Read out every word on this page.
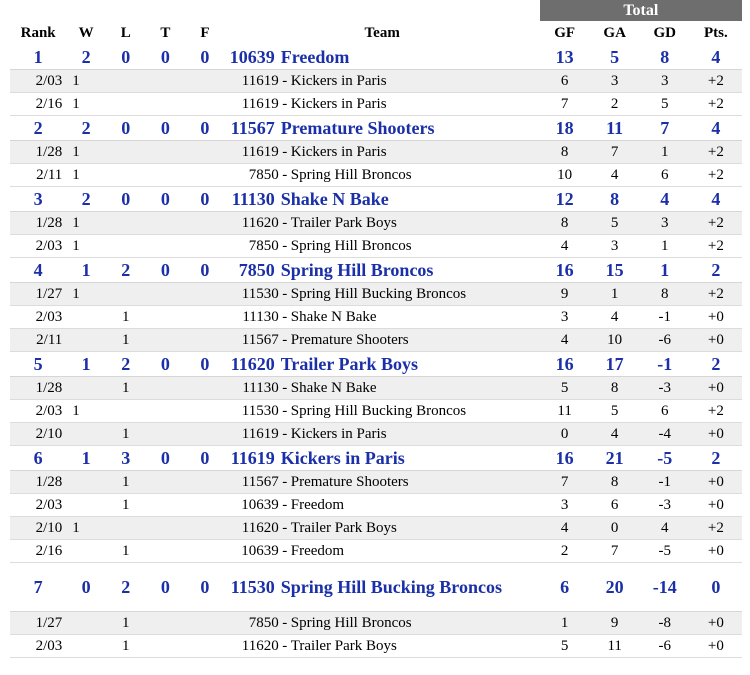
						Total			
Rank	W	L	T	F	Team	GF	GA	GD	Pts.
1	2	0	0	0	10639 Freedom	13	5	8	4
2/03	1				11619 - Kickers in Paris	6	3	3	+2
2/16	1				11619 - Kickers in Paris	7	2	5	+2
2	2	0	0	0	11567 Premature Shooters	18	11	7	4
1/28	1				11619 - Kickers in Paris	8	7	1	+2
2/11	1				7850 - Spring Hill Broncos	10	4	6	+2
3	2	0	0	0	11130 Shake N Bake	12	8	4	4
1/28	1				11620 - Trailer Park Boys	8	5	3	+2
2/03	1				7850 - Spring Hill Broncos	4	3	1	+2
4	1	2	0	0	7850 Spring Hill Broncos	16	15	1	2
1/27	1				11530 - Spring Hill Bucking Broncos	9	1	8	+2
2/03		1			11130 - Shake N Bake	3	4	-1	+0
2/11		1			11567 - Premature Shooters	4	10	-6	+0
5	1	2	0	0	11620 Trailer Park Boys	16	17	-1	2
1/28		1			11130 - Shake N Bake	5	8	-3	+0
2/03	1				11530 - Spring Hill Bucking Broncos	11	5	6	+2
2/10		1			11619 - Kickers in Paris	0	4	-4	+0
6	1	3	0	0	11619 Kickers in Paris	16	21	-5	2
1/28		1			11567 - Premature Shooters	7	8	-1	+0
2/03		1			10639 - Freedom	3	6	-3	+0
2/10	1				11620 - Trailer Park Boys	4	0	4	+2
2/16		1			10639 - Freedom	2	7	-5	+0
7	0	2	0	0	11530 Spring Hill Bucking Broncos	6	20	-14	0
1/27		1			7850 - Spring Hill Broncos	1	9	-8	+0
2/03		1			11620 - Trailer Park Boys	5	11	-6	+0
